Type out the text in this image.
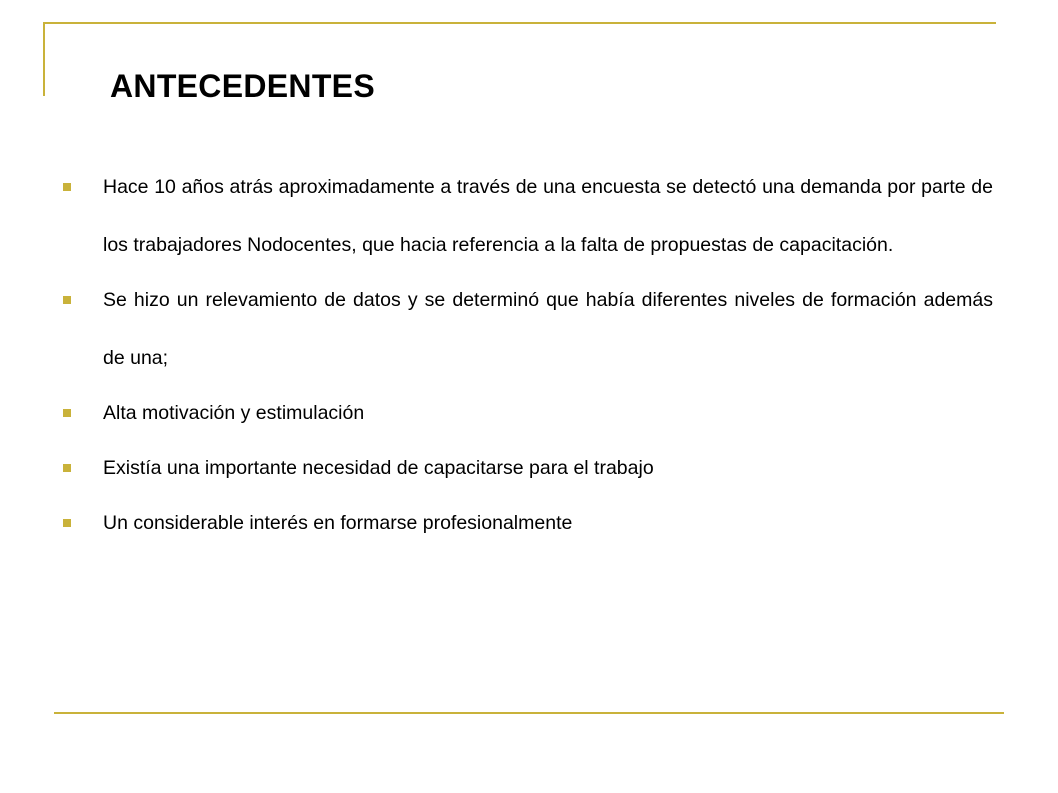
ANTECEDENTES
Hace 10 años atrás aproximadamente a través de una encuesta se detectó una demanda por parte de los trabajadores Nodocentes, que hacia referencia a la falta de propuestas de capacitación.
Se hizo un relevamiento de datos y se determinó que había diferentes niveles de formación además de una;
Alta motivación y estimulación
Existía una importante necesidad de capacitarse para el trabajo
Un considerable interés en formarse profesionalmente
